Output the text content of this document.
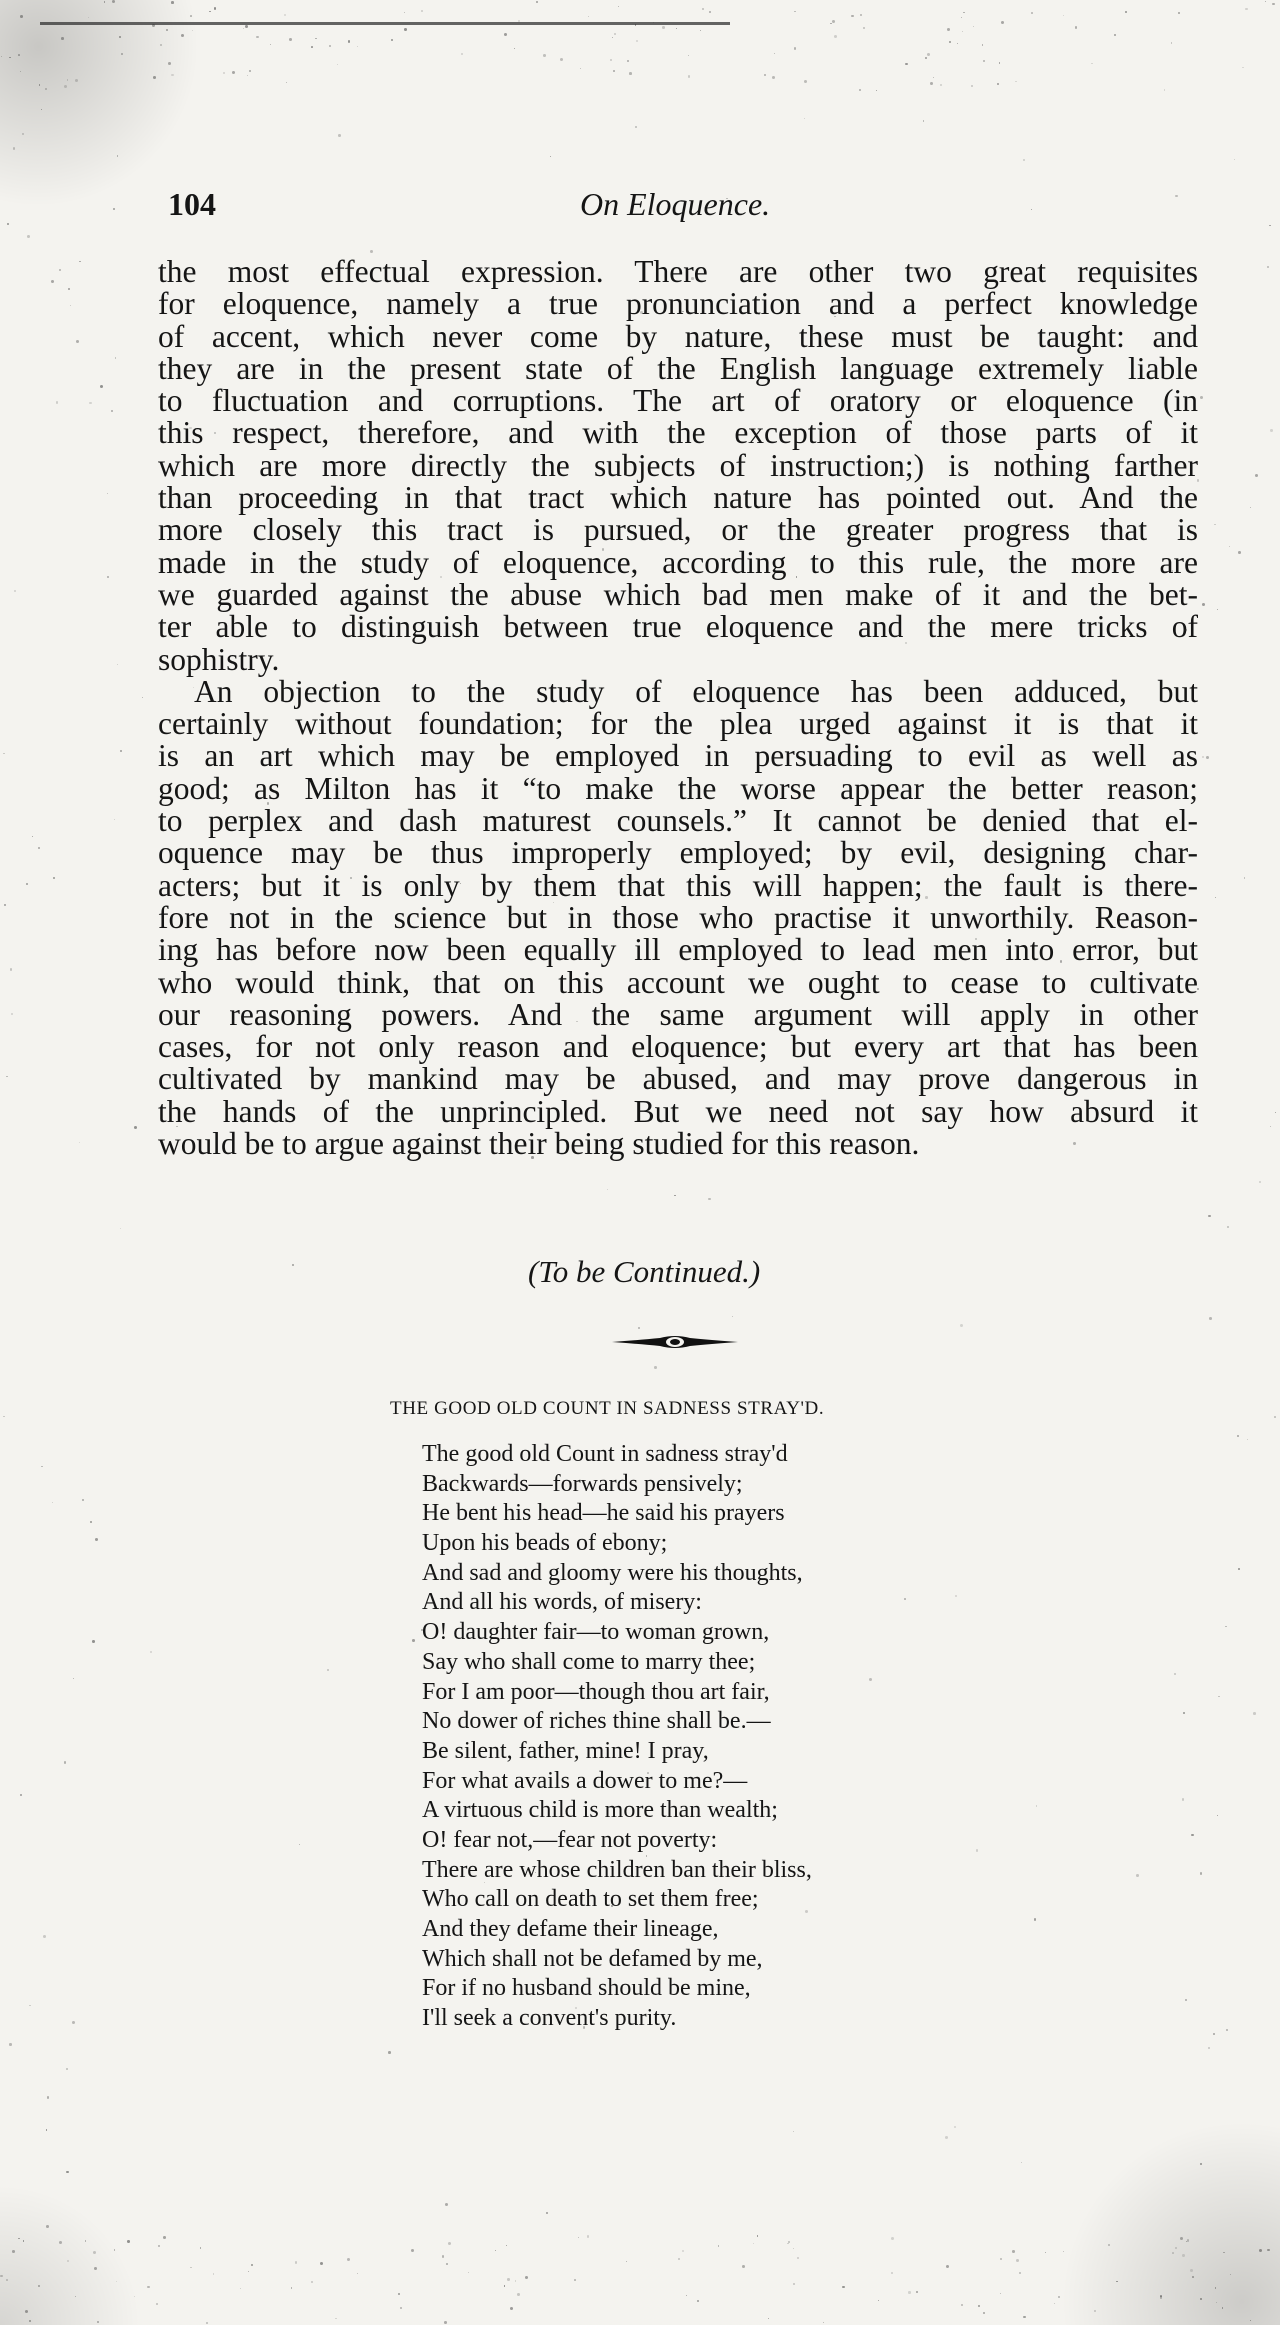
104	On Eloquence.
the most effectual expression. There are other two great requisites
for eloquence, namely a true pronunciation and a perfect knowledge
of accent, which never come by nature, these must be taught: and
they are in the present state of the English language extremely liable
to fluctuation and corruptions. The art of oratory or eloquence (in
this respect, therefore, and with the exception of those parts of it
which are more directly the subjects of instruction;) is nothing farther
than proceeding in that tract which nature has pointed out. And the
more closely this tract is pursued, or the greater progress that is
made in the study of eloquence, according to this rule, the more are
we guarded against the abuse which bad men make of it and the bet-
ter able to distinguish between true eloquence and the mere tricks of
sophistry.
An objection to the study of eloquence has been adduced, but
certainly without foundation; for the plea urged against it is that it
is an art which may be employed in persuading to evil as well as
good; as Milton has it “to make the worse appear the better reason;
to perplex and dash maturest counsels.” It cannot be denied that el-
oquence may be thus improperly employed; by evil, designing char-
acters; but it is only by them that this will happen; the fault is there-
fore not in the science but in those who practise it unworthily. Reason-
ing has before now been equally ill employed to lead men into error, but
who would think, that on this account we ought to cease to cultivate
our reasoning powers. And the same argument will apply in other
cases, for not only reason and eloquence; but every art that has been
cultivated by mankind may be abused, and may prove dangerous in
the hands of the unprincipled. But we need not say how absurd it
would be to argue against their being studied for this reason.
(To be Continued.)
THE GOOD OLD COUNT IN SADNESS STRAY'D.
The good old Count in sadness stray'd
Backwards—forwards pensively;
He bent his head—he said his prayers
Upon his beads of ebony;
And sad and gloomy were his thoughts,
And all his words, of misery:
O! daughter fair—to woman grown,
Say who shall come to marry thee;
For I am poor—though thou art fair,
No dower of riches thine shall be.—
Be silent, father, mine! I pray,
For what avails a dower to me?—
A virtuous child is more than wealth;
O! fear not,—fear not poverty:
There are whose children ban their bliss,
Who call on death to set them free;
And they defame their lineage,
Which shall not be defamed by me,
For if no husband should be mine,
I'll seek a convent's purity.
